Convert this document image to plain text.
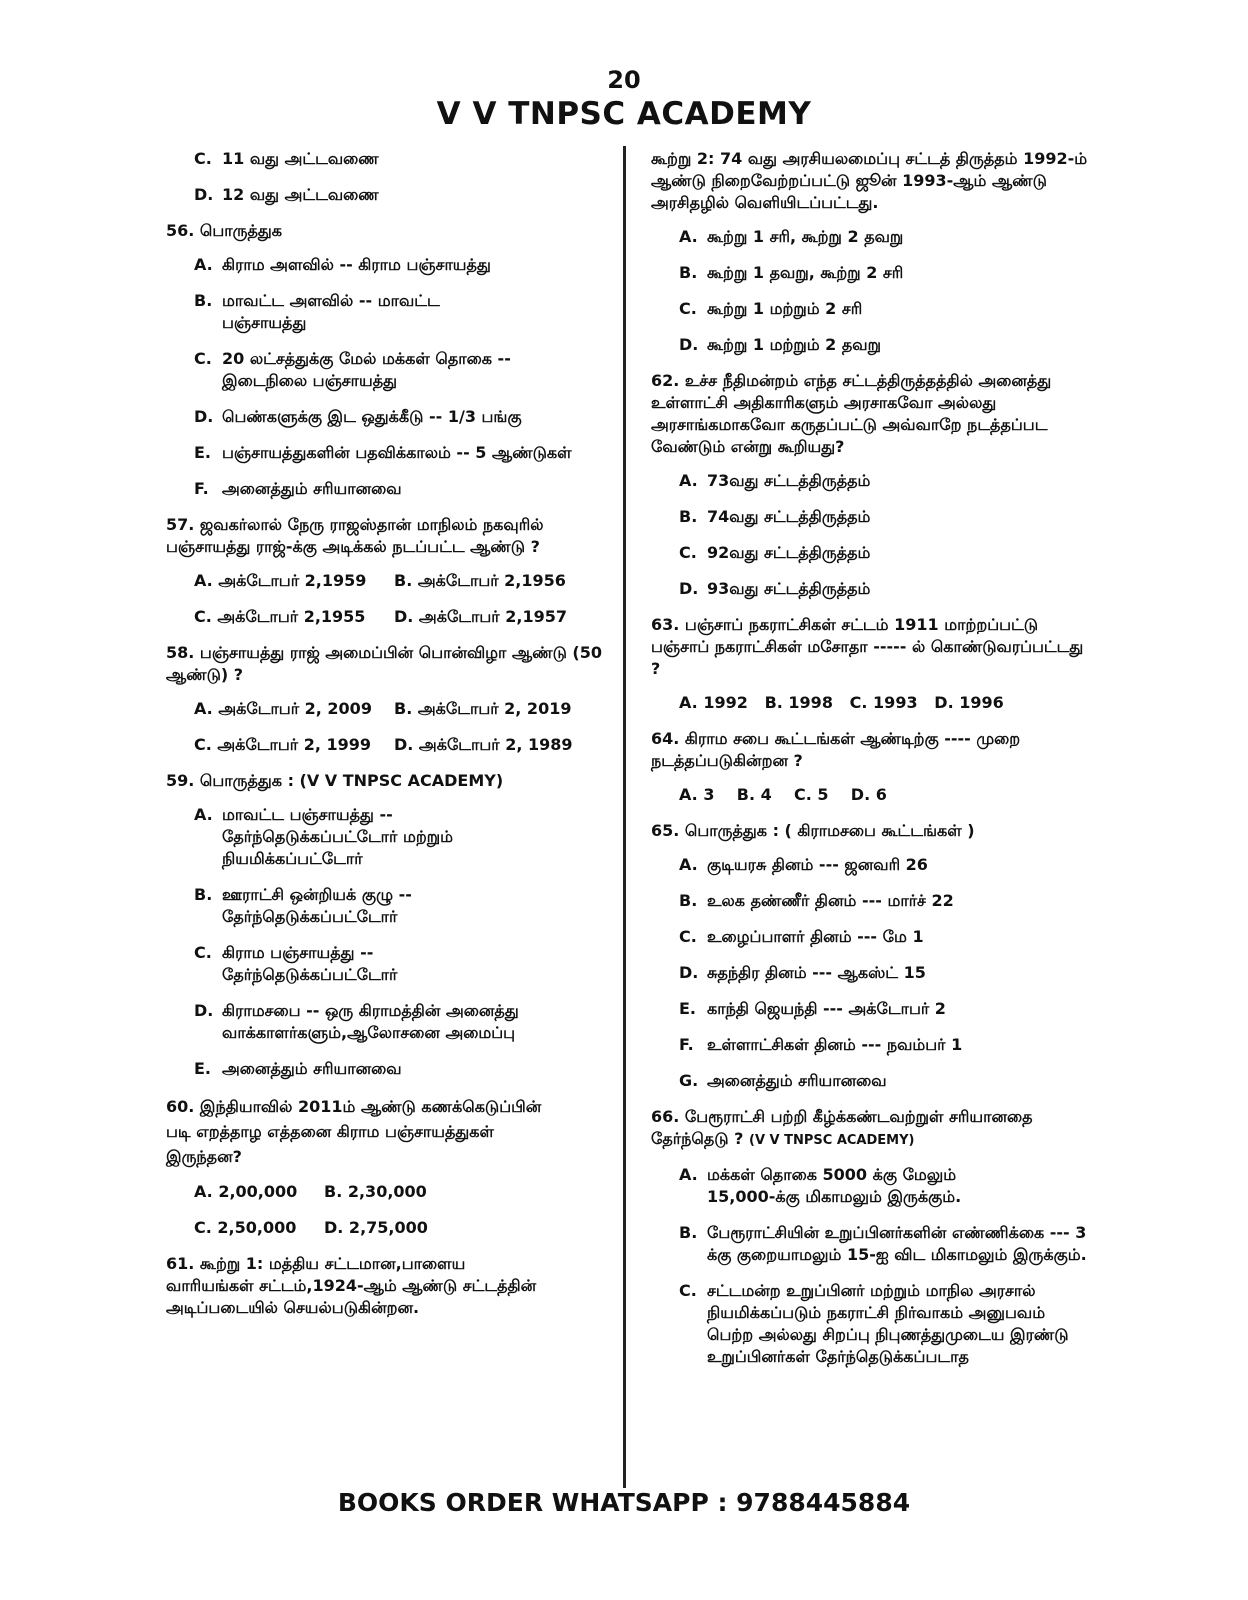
20
V V TNPSC ACADEMY
C. 11 வது அட்டவணை
D. 12 வது அட்டவணை
56. பொருத்துக
A. கிராம அளவில் -- கிராம பஞ்சாயத்து
B. மாவட்ட அளவில் -- மாவட்ட பஞ்சாயத்து
C. 20 லட்சத்துக்கு மேல் மக்கள் தொகை -- இடைநிலை பஞ்சாயத்து
D. பெண்களுக்கு இட ஒதுக்கீடு -- 1/3 பங்கு
E. பஞ்சாயத்துகளின் பதவிக்காலம் -- 5 ஆண்டுகள்
F. அனைத்தும் சரியானவை
57. ஜவகர்லால் நேரு ராஜஸ்தான் மாநிலம் நகவுரில் பஞ்சாயத்து ராஜ்-க்கு அடிக்கல் நடப்பட்ட ஆண்டு ?
A. அக்டோபர் 2,1959	B. அக்டோபர் 2,1956
C. அக்டோபர் 2,1955	D. அக்டோபர் 2,1957
58. பஞ்சாயத்து ராஜ் அமைப்பின் பொன்விழா ஆண்டு (50 ஆண்டு) ?
A. அக்டோபர் 2, 2009	B. அக்டோபர் 2, 2019
C. அக்டோபர் 2, 1999	D. அக்டோபர் 2, 1989
59. பொருத்துக : (V V TNPSC ACADEMY)
A. மாவட்ட பஞ்சாயத்து -- தேர்ந்தெடுக்கப்பட்டோர் மற்றும் நியமிக்கப்பட்டோர்
B. ஊராட்சி ஒன்றியக் குழு -- தேர்ந்தெடுக்கப்பட்டோர்
C. கிராம பஞ்சாயத்து -- தேர்ந்தெடுக்கப்பட்டோர்
D. கிராமசபை -- ஒரு கிராமத்தின் அனைத்து வாக்காளர்களும்,ஆலோசனை அமைப்பு
E. அனைத்தும் சரியானவை
60. இந்தியாவில் 2011ம் ஆண்டு கணக்கெடுப்பின் படி எறத்தாழ எத்தனை கிராம பஞ்சாயத்துகள் இருந்தன?
A. 2,00,000	B. 2,30,000
C. 2,50,000	D. 2,75,000
61. கூற்று 1: மத்திய சட்டமான,பாளைய வாரியங்கள் சட்டம்,1924-ஆம் ஆண்டு சட்டத்தின் அடிப்படையில் செயல்படுகின்றன.
கூற்று 2: 74 வது அரசியலமைப்பு சட்டத் திருத்தம் 1992-ம் ஆண்டு நிறைவேற்றப்பட்டு ஜூன் 1993-ஆம் ஆண்டு அரசிதழில் வெளியிடப்பட்டது.
A. கூற்று 1 சரி, கூற்று 2 தவறு
B. கூற்று 1 தவறு, கூற்று 2 சரி
C. கூற்று 1 மற்றும் 2 சரி
D. கூற்று 1 மற்றும் 2 தவறு
62. உச்ச நீதிமன்றம் எந்த சட்டத்திருத்தத்தில் அனைத்து உள்ளாட்சி அதிகாரிகளும் அரசாகவோ அல்லது அரசாங்கமாகவோ கருதப்பட்டு அவ்வாறே நடத்தப்பட வேண்டும் என்று கூறியது?
A. 73வது சட்டத்திருத்தம்
B. 74வது சட்டத்திருத்தம்
C. 92வது சட்டத்திருத்தம்
D. 93வது சட்டத்திருத்தம்
63. பஞ்சாப் நகராட்சிகள் சட்டம் 1911 மாற்றப்பட்டு பஞ்சாப் நகராட்சிகள் மசோதா ----- ல் கொண்டுவரப்பட்டது ?
A. 1992   B. 1998   C. 1993   D. 1996
64. கிராம சபை கூட்டங்கள் ஆண்டிற்கு ---- முறை நடத்தப்படுகின்றன ?
A. 3    B. 4    C. 5    D. 6
65. பொருத்துக : ( கிராமசபை கூட்டங்கள் )
A. குடியரசு தினம் --- ஜனவரி 26
B. உலக தண்ணீர் தினம் --- மார்ச் 22
C. உழைப்பாளர் தினம் --- மே 1
D. சுதந்திர தினம் --- ஆகஸ்ட் 15
E. காந்தி ஜெயந்தி --- அக்டோபர் 2
F. உள்ளாட்சிகள் தினம் --- நவம்பர் 1
G. அனைத்தும் சரியானவை
66. பேரூராட்சி பற்றி கீழ்க்கண்டவற்றுள் சரியானதை தேர்ந்தெடு ? (V V TNPSC ACADEMY)
A. மக்கள் தொகை 5000 க்கு மேலும் 15,000-க்கு மிகாமலும் இருக்கும்.
B. பேரூராட்சியின் உறுப்பினர்களின் எண்ணிக்கை --- 3 க்கு குறையாமலும் 15-ஐ விட மிகாமலும் இருக்கும்.
C. சட்டமன்ற உறுப்பினர் மற்றும் மாநில அரசால் நியமிக்கப்படும் நகராட்சி நிர்வாகம் அனுபவம் பெற்ற அல்லது சிறப்பு நிபுணத்துமுடைய இரண்டு உறுப்பினர்கள் தேர்ந்தெடுக்கப்படாத
BOOKS ORDER WHATSAPP : 9788445884
